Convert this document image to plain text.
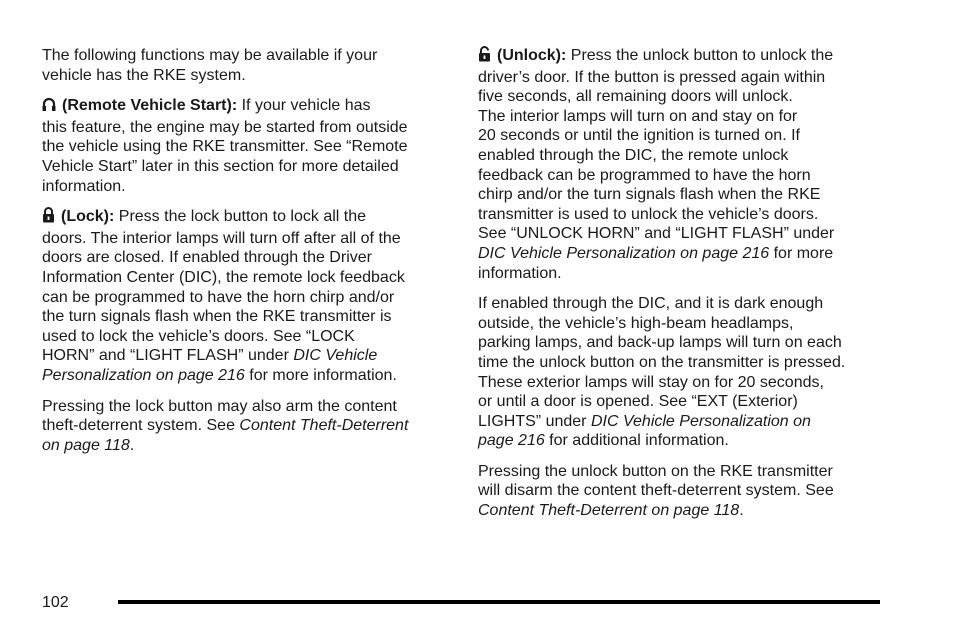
The following functions may be available if your
vehicle has the RKE system.

(Remote Vehicle Start): If your vehicle has
this feature, the engine may be started from outside
the vehicle using the RKE transmitter. See “Remote
Vehicle Start” later in this section for more detailed
information.

(Lock): Press the lock button to lock all the
doors. The interior lamps will turn off after all of the
doors are closed. If enabled through the Driver
Information Center (DIC), the remote lock feedback
can be programmed to have the horn chirp and/or
the turn signals flash when the RKE transmitter is
used to lock the vehicle’s doors. See “LOCK
HORN” and “LIGHT FLASH” under DIC Vehicle
Personalization on page 216 for more information.

Pressing the lock button may also arm the content
theft-deterrent system. See Content Theft-Deterrent
on page 118.

(Unlock): Press the unlock button to unlock the
driver’s door. If the button is pressed again within
five seconds, all remaining doors will unlock.
The interior lamps will turn on and stay on for
20 seconds or until the ignition is turned on. If
enabled through the DIC, the remote unlock
feedback can be programmed to have the horn
chirp and/or the turn signals flash when the RKE
transmitter is used to unlock the vehicle’s doors.
See “UNLOCK HORN” and “LIGHT FLASH” under
DIC Vehicle Personalization on page 216 for more
information.

If enabled through the DIC, and it is dark enough
outside, the vehicle’s high-beam headlamps,
parking lamps, and back-up lamps will turn on each
time the unlock button on the transmitter is pressed.
These exterior lamps will stay on for 20 seconds,
or until a door is opened. See “EXT (Exterior)
LIGHTS” under DIC Vehicle Personalization on
page 216 for additional information.

Pressing the unlock button on the RKE transmitter
will disarm the content theft-deterrent system. See
Content Theft-Deterrent on page 118.

102
